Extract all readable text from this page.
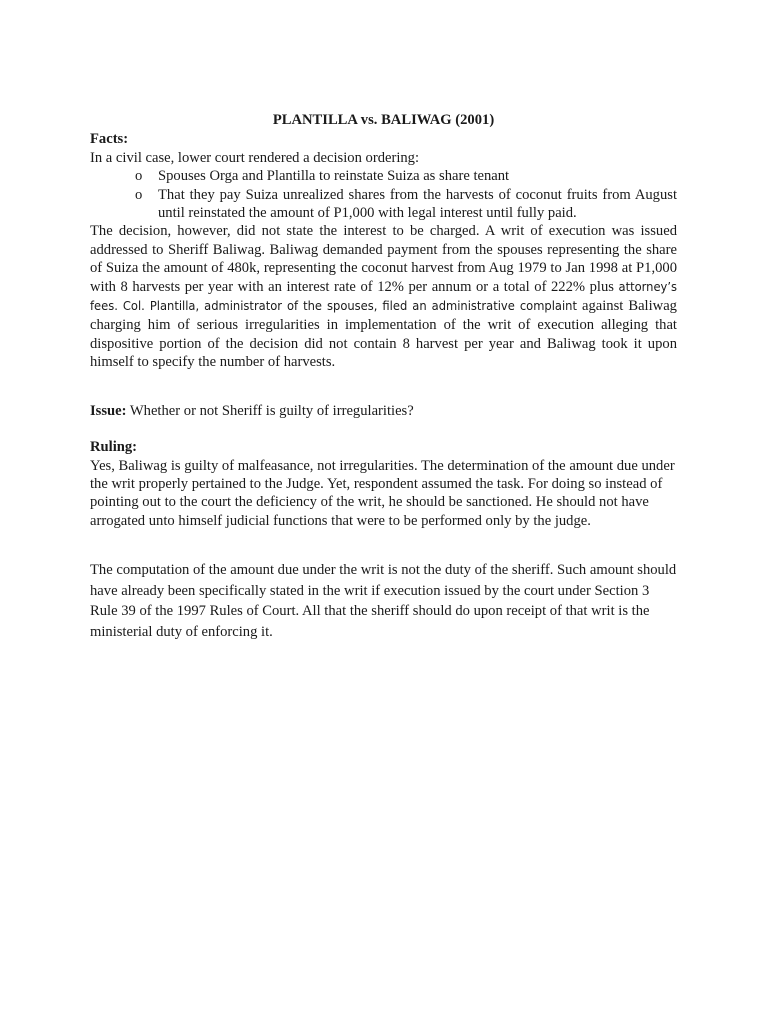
PLANTILLA vs. BALIWAG (2001)

Facts:

In a civil case, lower court rendered a decision ordering:

o Spouses Orga and Plantilla to reinstate Suiza as share tenant
o That they pay Suiza unrealized shares from the harvests of coconut fruits from August until reinstated the amount of P1,000 with legal interest until fully paid.

The decision, however, did not state the interest to be charged. A writ of execution was issued addressed to Sheriff Baliwag. Baliwag demanded payment from the spouses representing the share of Suiza the amount of 480k, representing the coconut harvest from Aug 1979 to Jan 1998 at P1,000 with 8 harvests per year with an interest rate of 12% per annum or a total of 222% plus attorney’s fees. Col. Plantilla, administrator of the spouses, filed an administrative complaint against Baliwag charging him of serious irregularities in implementation of the writ of execution alleging that dispositive portion of the decision did not contain 8 harvest per year and Baliwag took it upon himself to specify the number of harvests.

Issue: Whether or not Sheriff is guilty of irregularities?

Ruling:

Yes, Baliwag is guilty of malfeasance, not irregularities. The determination of the amount due under the writ properly pertained to the Judge. Yet, respondent assumed the task. For doing so instead of pointing out to the court the deficiency of the writ, he should be sanctioned. He should not have arrogated unto himself judicial functions that were to be performed only by the judge.

The computation of the amount due under the writ is not the duty of the sheriff. Such amount should have already been specifically stated in the writ if execution issued by the court under Section 3 Rule 39 of the 1997 Rules of Court. All that the sheriff should do upon receipt of that writ is the ministerial duty of enforcing it.
